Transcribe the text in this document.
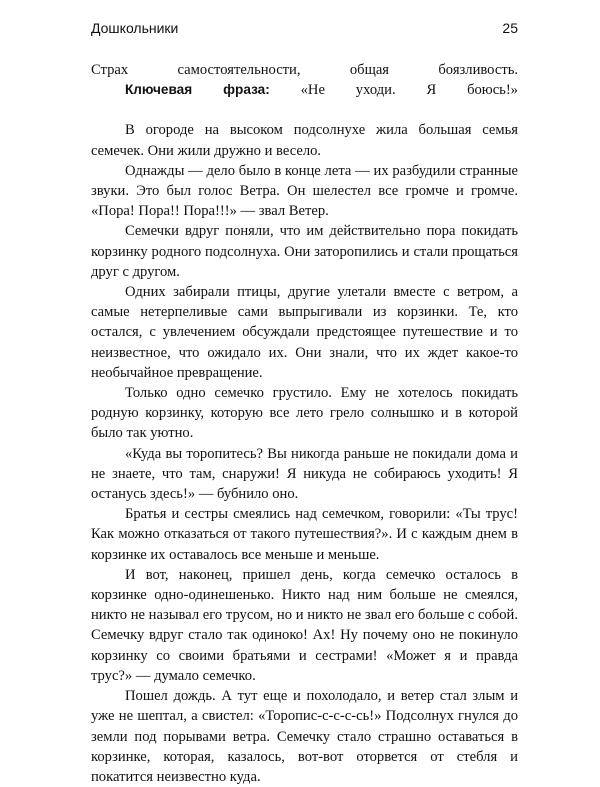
Дошкольники	25

Страх самостоятельности, общая боязливость.

Ключевая фраза: «Не уходи. Я боюсь!»

В огороде на высоком подсолнухе жила большая семья семечек. Они жили дружно и весело.

Однажды — дело было в конце лета — их разбудили странные звуки. Это был голос Ветра. Он шелестел все громче и громче. «Пора! Пора!! Пора!!!» — звал Ветер.

Семечки вдруг поняли, что им действительно пора покидать корзинку родного подсолнуха. Они заторопились и стали прощаться друг с другом.

Одних забирали птицы, другие улетали вместе с ветром, а самые нетерпеливые сами выпрыгивали из корзинки. Те, кто остался, с увлечением обсуждали предстоящее путешествие и то неизвестное, что ожидало их. Они знали, что их ждет какое-то необычайное превращение.

Только одно семечко грустило. Ему не хотелось покидать родную корзинку, которую все лето грело солнышко и в которой было так уютно.

«Куда вы торопитесь? Вы никогда раньше не покидали дома и не знаете, что там, снаружи! Я никуда не собираюсь уходить! Я останусь здесь!» — бубнило оно.

Братья и сестры смеялись над семечком, говорили: «Ты трус! Как можно отказаться от такого путешествия?». И с каждым днем в корзинке их оставалось все меньше и меньше.

И вот, наконец, пришел день, когда семечко осталось в корзинке одно-одинешенько. Никто над ним больше не смеялся, никто не называл его трусом, но и никто не звал его больше с собой. Семечку вдруг стало так одиноко! Ах! Ну почему оно не покинуло корзинку со своими братьями и сестрами! «Может я и правда трус?» — думало семечко.

Пошел дождь. А тут еще и похолодало, и ветер стал злым и уже не шептал, а свистел: «Торопис-с-с-с-сь!» Подсолнух гнулся до земли под порывами ветра. Семечку стало страшно оставаться в корзинке, которая, казалось, вот-вот оторвется от стебля и покатится неизвестно куда.
